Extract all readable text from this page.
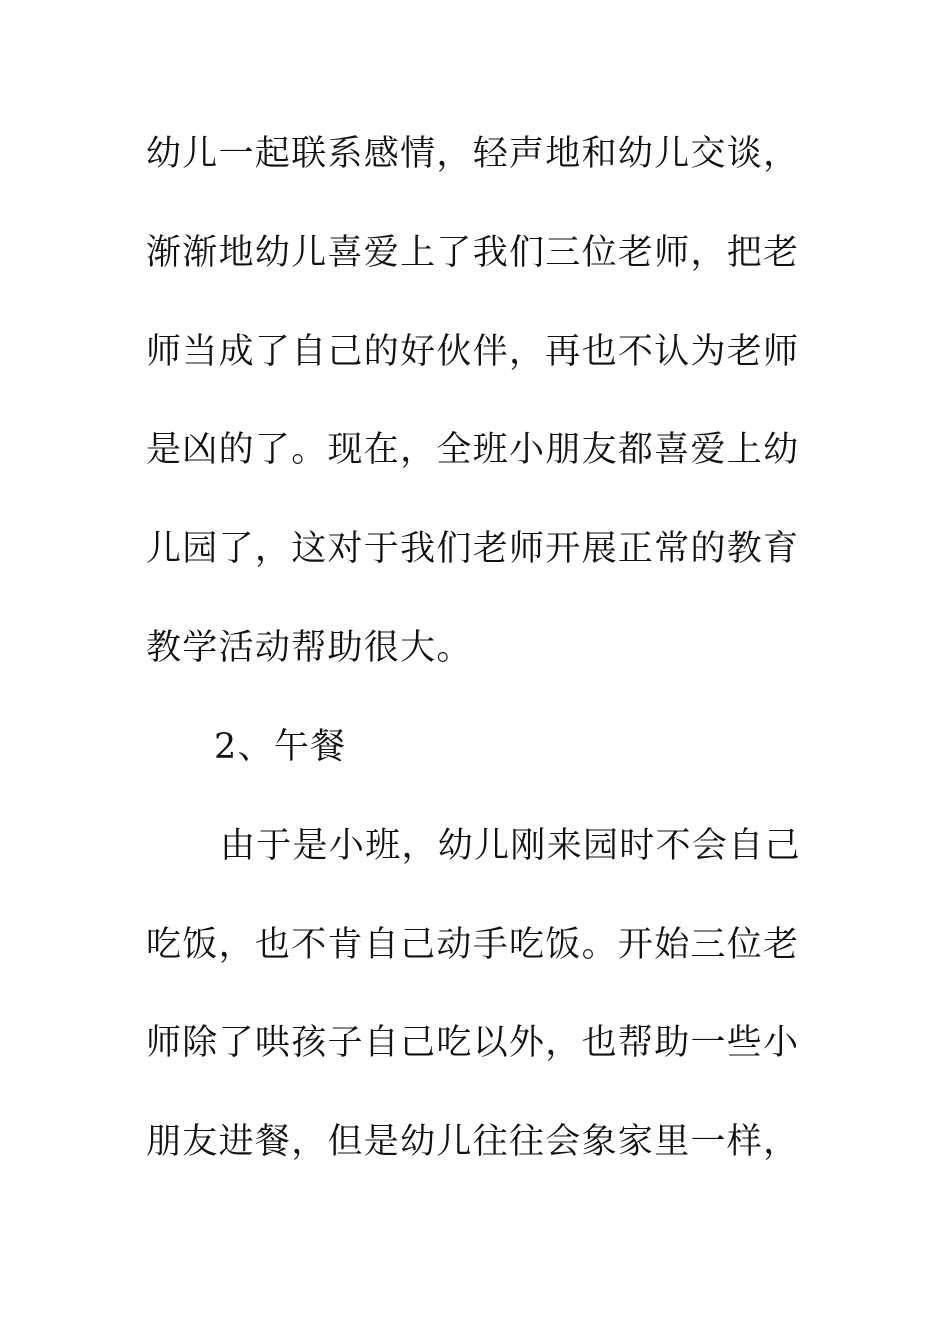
幼儿一起联系感情，轻声地和幼儿交谈，
渐渐地幼儿喜爱上了我们三位老师，把老
师当成了自己的好伙伴，再也不认为老师
是凶的了。现在，全班小朋友都喜爱上幼
儿园了，这对于我们老师开展正常的教育
教学活动帮助很大。
2、午餐
由于是小班，幼儿刚来园时不会自己
吃饭，也不肯自己动手吃饭。开始三位老
师除了哄孩子自己吃以外，也帮助一些小
朋友进餐，但是幼儿往往会象家里一样，
